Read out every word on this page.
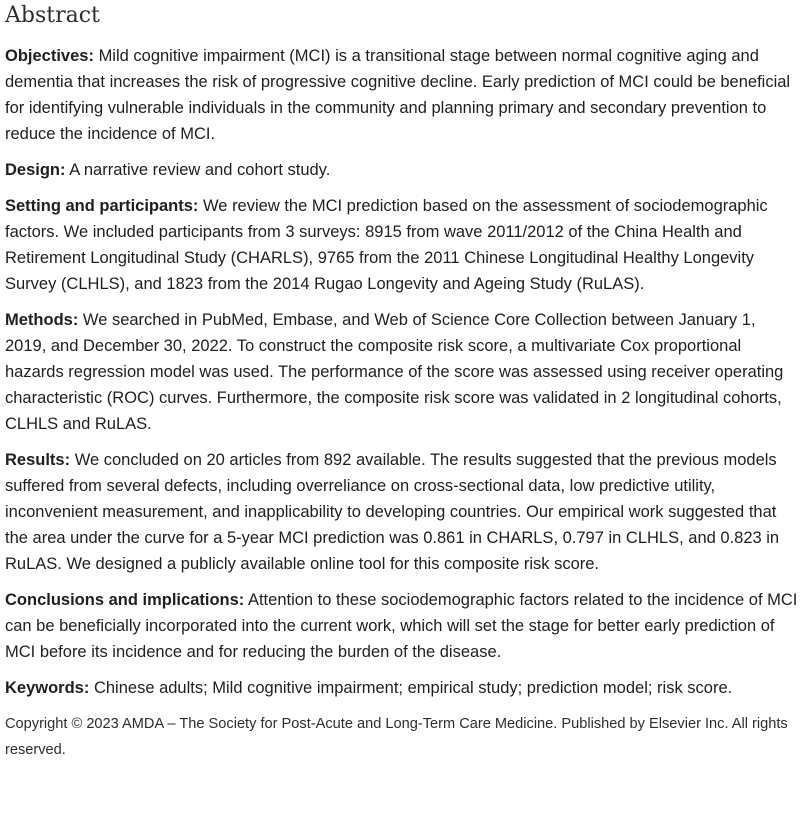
Abstract

Objectives: Mild cognitive impairment (MCI) is a transitional stage between normal cognitive aging and dementia that increases the risk of progressive cognitive decline. Early prediction of MCI could be beneficial for identifying vulnerable individuals in the community and planning primary and secondary prevention to reduce the incidence of MCI.

Design: A narrative review and cohort study.

Setting and participants: We review the MCI prediction based on the assessment of sociodemographic factors. We included participants from 3 surveys: 8915 from wave 2011/2012 of the China Health and Retirement Longitudinal Study (CHARLS), 9765 from the 2011 Chinese Longitudinal Healthy Longevity Survey (CLHLS), and 1823 from the 2014 Rugao Longevity and Ageing Study (RuLAS).

Methods: We searched in PubMed, Embase, and Web of Science Core Collection between January 1, 2019, and December 30, 2022. To construct the composite risk score, a multivariate Cox proportional hazards regression model was used. The performance of the score was assessed using receiver operating characteristic (ROC) curves. Furthermore, the composite risk score was validated in 2 longitudinal cohorts, CLHLS and RuLAS.

Results: We concluded on 20 articles from 892 available. The results suggested that the previous models suffered from several defects, including overreliance on cross-sectional data, low predictive utility, inconvenient measurement, and inapplicability to developing countries. Our empirical work suggested that the area under the curve for a 5-year MCI prediction was 0.861 in CHARLS, 0.797 in CLHLS, and 0.823 in RuLAS. We designed a publicly available online tool for this composite risk score.

Conclusions and implications: Attention to these sociodemographic factors related to the incidence of MCI can be beneficially incorporated into the current work, which will set the stage for better early prediction of MCI before its incidence and for reducing the burden of the disease.

Keywords: Chinese adults; Mild cognitive impairment; empirical study; prediction model; risk score.

Copyright © 2023 AMDA – The Society for Post-Acute and Long-Term Care Medicine. Published by Elsevier Inc. All rights reserved.
